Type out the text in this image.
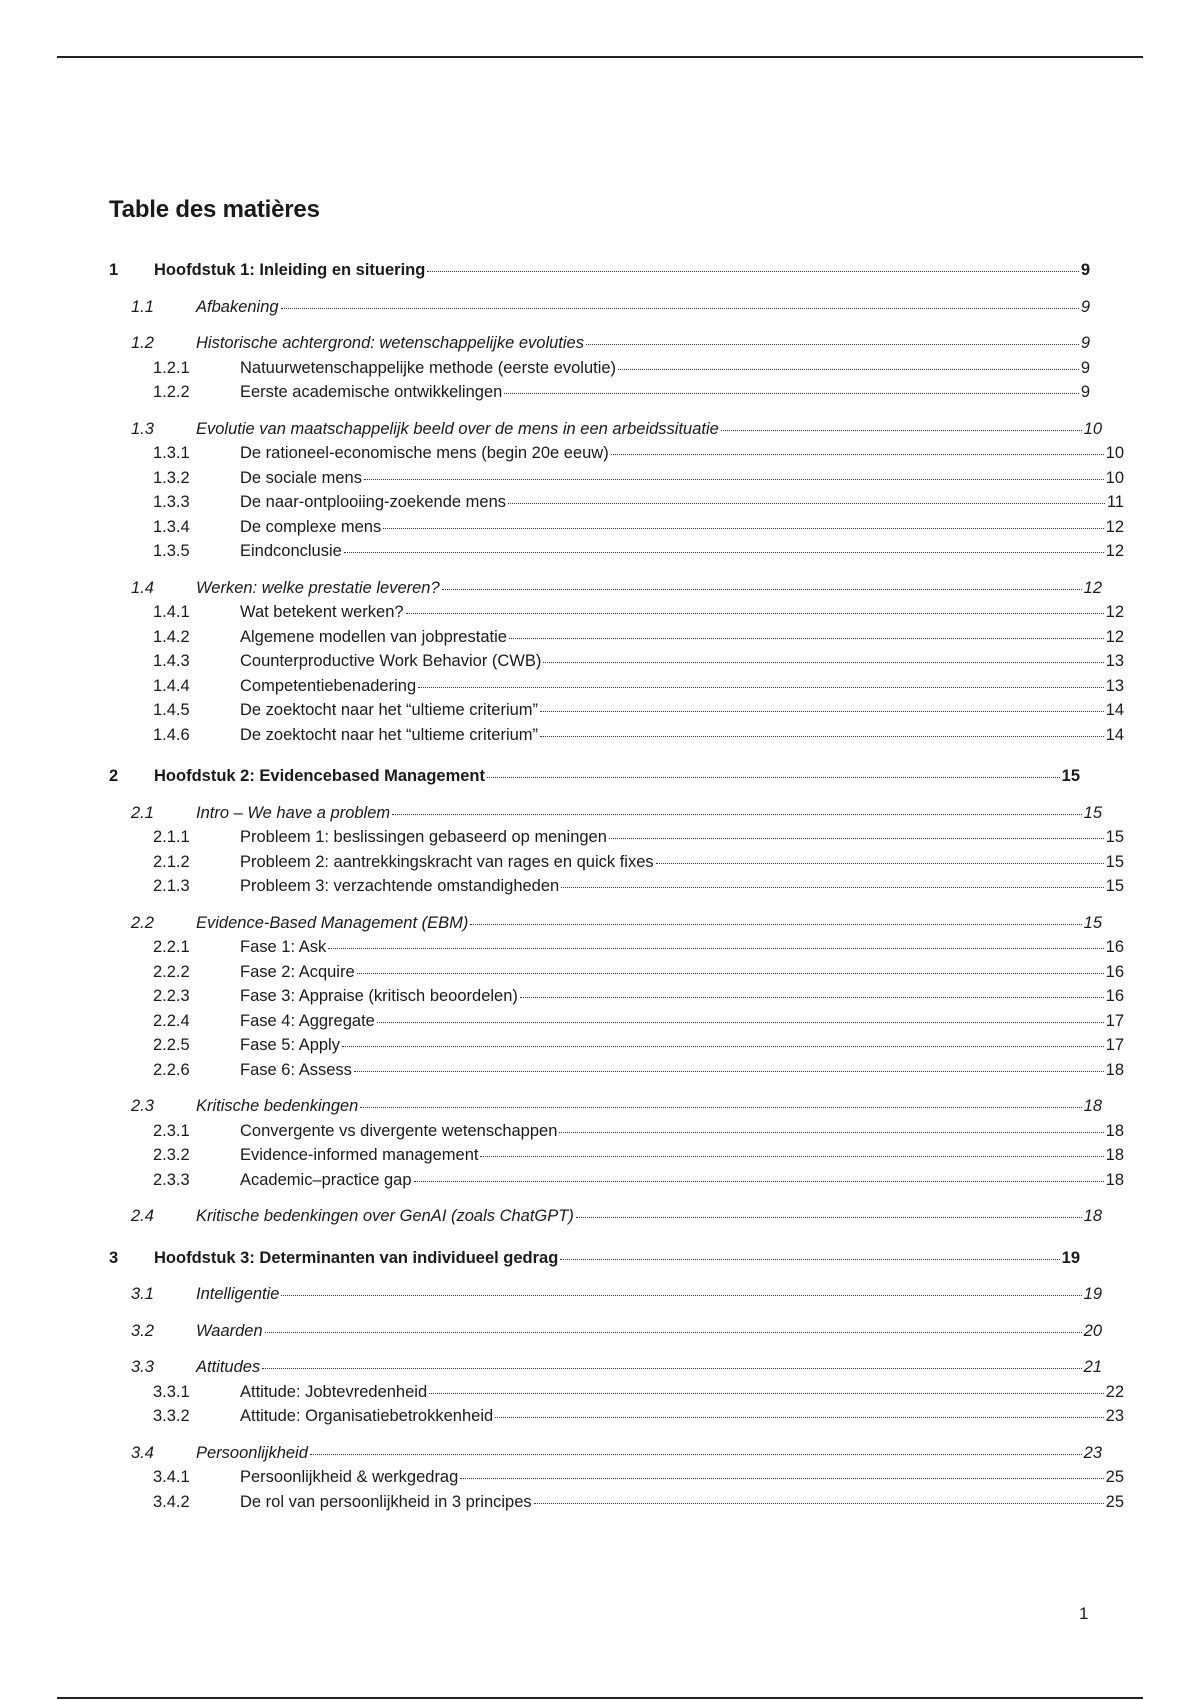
Table des matières
1	Hoofdstuk 1: Inleiding en situering	9
1.1	Afbakening	9
1.2	Historische achtergrond: wetenschappelijke evoluties	9
1.2.1	Natuurwetenschappelijke methode (eerste evolutie)	9
1.2.2	Eerste academische ontwikkelingen	9
1.3	Evolutie van maatschappelijk beeld over de mens in een arbeidssituatie	10
1.3.1	De rationeel-economische mens (begin 20e eeuw)	10
1.3.2	De sociale mens	10
1.3.3	De naar-ontplooiing-zoekende mens	11
1.3.4	De complexe mens	12
1.3.5	Eindconclusie	12
1.4	Werken: welke prestatie leveren?	12
1.4.1	Wat betekent werken?	12
1.4.2	Algemene modellen van jobprestatie	12
1.4.3	Counterproductive Work Behavior (CWB)	13
1.4.4	Competentiebenadering	13
1.4.5	De zoektocht naar het “ultieme criterium”	14
1.4.6	De zoektocht naar het “ultieme criterium”	14
2	Hoofdstuk 2: Evidencebased Management	15
2.1	Intro – We have a problem	15
2.1.1	Probleem 1: beslissingen gebaseerd op meningen	15
2.1.2	Probleem 2: aantrekkingskracht van rages en quick fixes	15
2.1.3	Probleem 3: verzachtende omstandigheden	15
2.2	Evidence-Based Management (EBM)	15
2.2.1	Fase 1: Ask	16
2.2.2	Fase 2: Acquire	16
2.2.3	Fase 3: Appraise (kritisch beoordelen)	16
2.2.4	Fase 4: Aggregate	17
2.2.5	Fase 5: Apply	17
2.2.6	Fase 6: Assess	18
2.3	Kritische bedenkingen	18
2.3.1	Convergente vs divergente wetenschappen	18
2.3.2	Evidence-informed management	18
2.3.3	Academic–practice gap	18
2.4	Kritische bedenkingen over GenAI (zoals ChatGPT)	18
3	Hoofdstuk 3: Determinanten van individueel gedrag	19
3.1	Intelligentie	19
3.2	Waarden	20
3.3	Attitudes	21
3.3.1	Attitude: Jobtevredenheid	22
3.3.2	Attitude: Organisatiebetrokkenheid	23
3.4	Persoonlijkheid	23
3.4.1	Persoonlijkheid & werkgedrag	25
3.4.2	De rol van persoonlijkheid in 3 principes	25
1
